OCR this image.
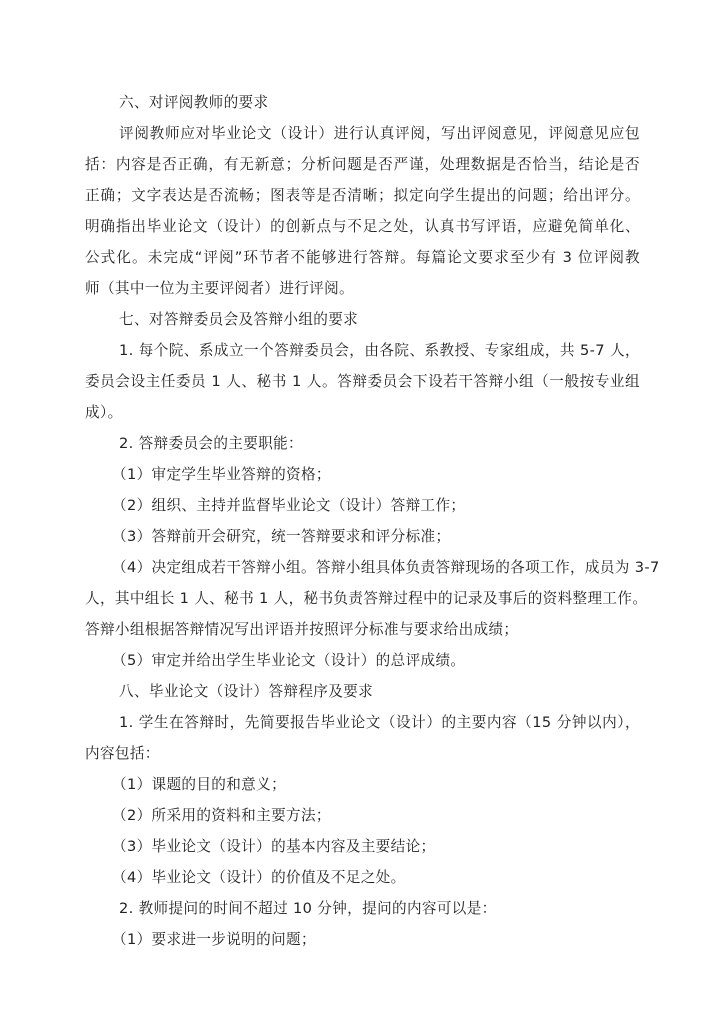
六、对评阅教师的要求
评阅教师应对毕业论文（设计）进行认真评阅，写出评阅意见，评阅意见应包
括：内容是否正确，有无新意；分析问题是否严谨，处理数据是否恰当，结论是否
正确；文字表达是否流畅；图表等是否清晰；拟定向学生提出的问题；给出评分。
明确指出毕业论文（设计）的创新点与不足之处，认真书写评语，应避免简单化、
公式化。未完成“评阅”环节者不能够进行答辩。每篇论文要求至少有 3 位评阅教
师（其中一位为主要评阅者）进行评阅。
七、对答辩委员会及答辩小组的要求
1. 每个院、系成立一个答辩委员会，由各院、系教授、专家组成，共 5-7 人，
委员会设主任委员 1 人、秘书 1 人。答辩委员会下设若干答辩小组（一般按专业组
成）。
2. 答辩委员会的主要职能：
（1）审定学生毕业答辩的资格；
（2）组织、主持并监督毕业论文（设计）答辩工作；
（3）答辩前开会研究，统一答辩要求和评分标准；
（4）决定组成若干答辩小组。答辩小组具体负责答辩现场的各项工作，成员为 3-7
人，其中组长 1 人、秘书 1 人，秘书负责答辩过程中的记录及事后的资料整理工作。
答辩小组根据答辩情况写出评语并按照评分标准与要求给出成绩；
（5）审定并给出学生毕业论文（设计）的总评成绩。
八、毕业论文（设计）答辩程序及要求
1. 学生在答辩时，先简要报告毕业论文（设计）的主要内容（15 分钟以内），
内容包括：
（1）课题的目的和意义；
（2）所采用的资料和主要方法；
（3）毕业论文（设计）的基本内容及主要结论；
（4）毕业论文（设计）的价值及不足之处。
2. 教师提问的时间不超过 10 分钟，提问的内容可以是：
（1）要求进一步说明的问题；
